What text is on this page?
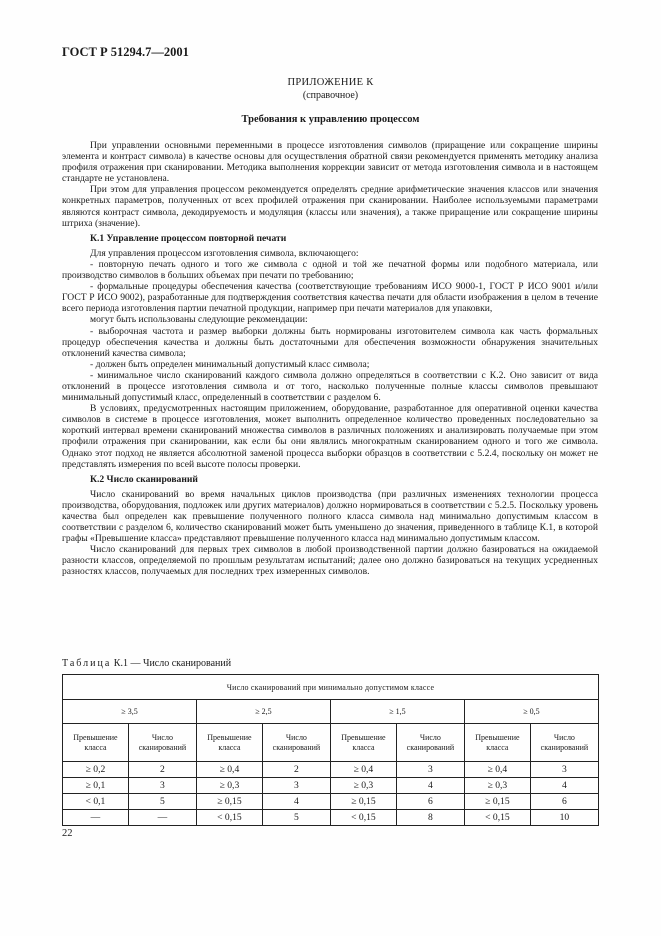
ГОСТ Р 51294.7—2001
ПРИЛОЖЕНИЕ К
(справочное)
Требования к управлению процессом

При управлении основными переменными в процессе изготовления символов (приращение или сокращение ширины элемента и контраст символа) в качестве основы для осуществления обратной связи рекомендуется применять методику анализа профиля отражения при сканировании. Методика выполнения коррекции зависит от метода изготовления символа и в настоящем стандарте не установлена.

При этом для управления процессом рекомендуется определять средние арифметические значения классов или значения конкретных параметров, полученных от всех профилей отражения при сканировании. Наиболее используемыми параметрами являются контраст символа, декодируемость и модуляция (классы или значения), а также приращение или сокращение ширины штриха (значение).

К.1 Управление процессом повторной печати

Для управления процессом изготовления символа, включающего:

- повторную печать одного и того же символа с одной и той же печатной формы или подобного материала, или производство символов в больших объемах при печати по требованию;

- формальные процедуры обеспечения качества (соответствующие требованиям ИСО 9000-1, ГОСТ Р ИСО 9001 и/или ГОСТ Р ИСО 9002), разработанные для подтверждения соответствия качества печати для области изображения в целом в течение всего периода изготовления партии печатной продукции, например при печати материалов для упаковки,

могут быть использованы следующие рекомендации:

- выборочная частота и размер выборки должны быть нормированы изготовителем символа как часть формальных процедур обеспечения качества и должны быть достаточными для обеспечения возможности обнаружения значительных отклонений качества символа;

- должен быть определен минимальный допустимый класс символа;

- минимальное число сканирований каждого символа должно определяться в соответствии с К.2. Оно зависит от вида отклонений в процессе изготовления символа и от того, насколько полученные полные классы символов превышают минимальный допустимый класс, определенный в соответствии с разделом 6.

В условиях, предусмотренных настоящим приложением, оборудование, разработанное для оперативной оценки качества символов в системе в процессе изготовления, может выполнить определенное количество проведенных последовательно за короткий интервал времени сканирований множества символов в различных положениях и анализировать получаемые при этом профили отражения при сканировании, как если бы они являлись многократным сканированием одного и того же символа. Однако этот подход не является абсолютной заменой процесса выборки образцов в соответствии с 5.2.4, поскольку он может не представлять измерения по всей высоте полосы проверки.

К.2 Число сканирований

Число сканирований во время начальных циклов производства (при различных изменениях технологии процесса производства, оборудования, подложек или других материалов) должно нормироваться в соответствии с 5.2.5. Поскольку уровень качества был определен как превышение полученного полного класса символа над минимально допустимым классом в соответствии с разделом 6, количество сканирований может быть уменьшено до значения, приведенного в таблице К.1, в которой графы «Превышение класса» представляют превышение полученного класса над минимально допустимым классом.

Число сканирований для первых трех символов в любой производственной партии должно базироваться на ожидаемой разности классов, определяемой по прошлым результатам испытаний; далее оно должно базироваться на текущих усредненных разностях классов, получаемых для последних трех измеренных символов.

Таблица К.1 — Число сканирований
Число сканирований при минимально допустимом классе							
≥ 3,5		≥ 2,5		≥ 1,5		≥ 0,5	
Превышение класса	Число сканирований	Превышение класса	Число сканирований	Превышение класса	Число сканирований	Превышение класса	Число сканирований
≥ 0,2	2	≥ 0,4	2	≥ 0,4	3	≥ 0,4	3
≥ 0,1	3	≥ 0,3	3	≥ 0,3	4	≥ 0,3	4
< 0,1	5	≥ 0,15	4	≥ 0,15	6	≥ 0,15	6
—	—	< 0,15	5	< 0,15	8	< 0,15	10
22
